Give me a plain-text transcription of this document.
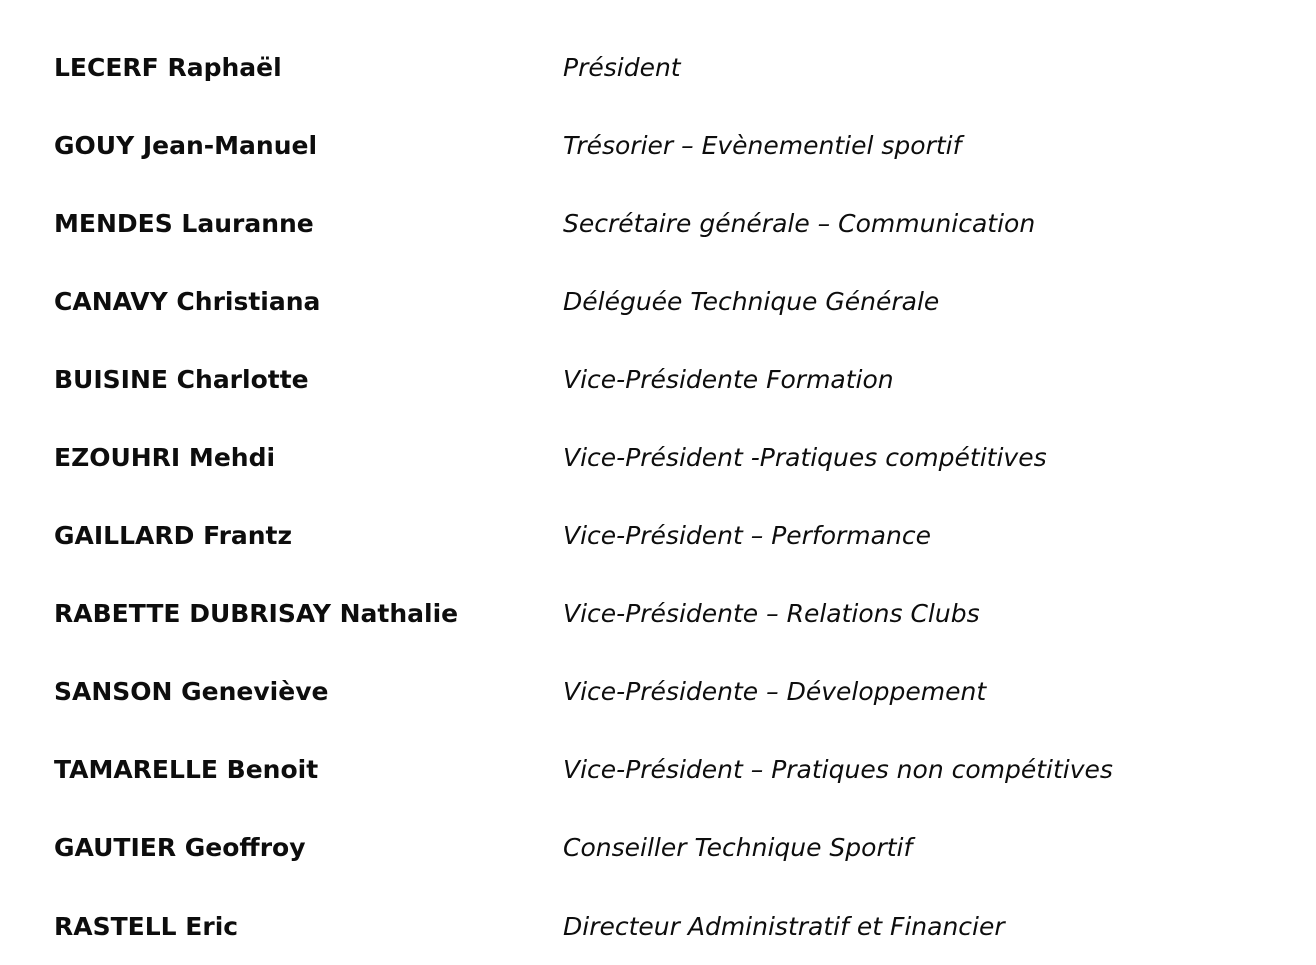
LECERF Raphaël	Président
GOUY Jean-Manuel	Trésorier – Evènementiel sportif
MENDES Lauranne	Secrétaire générale – Communication
CANAVY Christiana	Déléguée Technique Générale
BUISINE Charlotte	Vice-Présidente Formation
EZOUHRI Mehdi	Vice-Président -Pratiques compétitives
GAILLARD Frantz	Vice-Président – Performance
RABETTE DUBRISAY Nathalie	Vice-Présidente – Relations Clubs
SANSON Geneviève	Vice-Présidente – Développement
TAMARELLE Benoit	Vice-Président – Pratiques non compétitives
GAUTIER Geoffroy	Conseiller Technique Sportif
RASTELL Eric	Directeur Administratif et Financier
